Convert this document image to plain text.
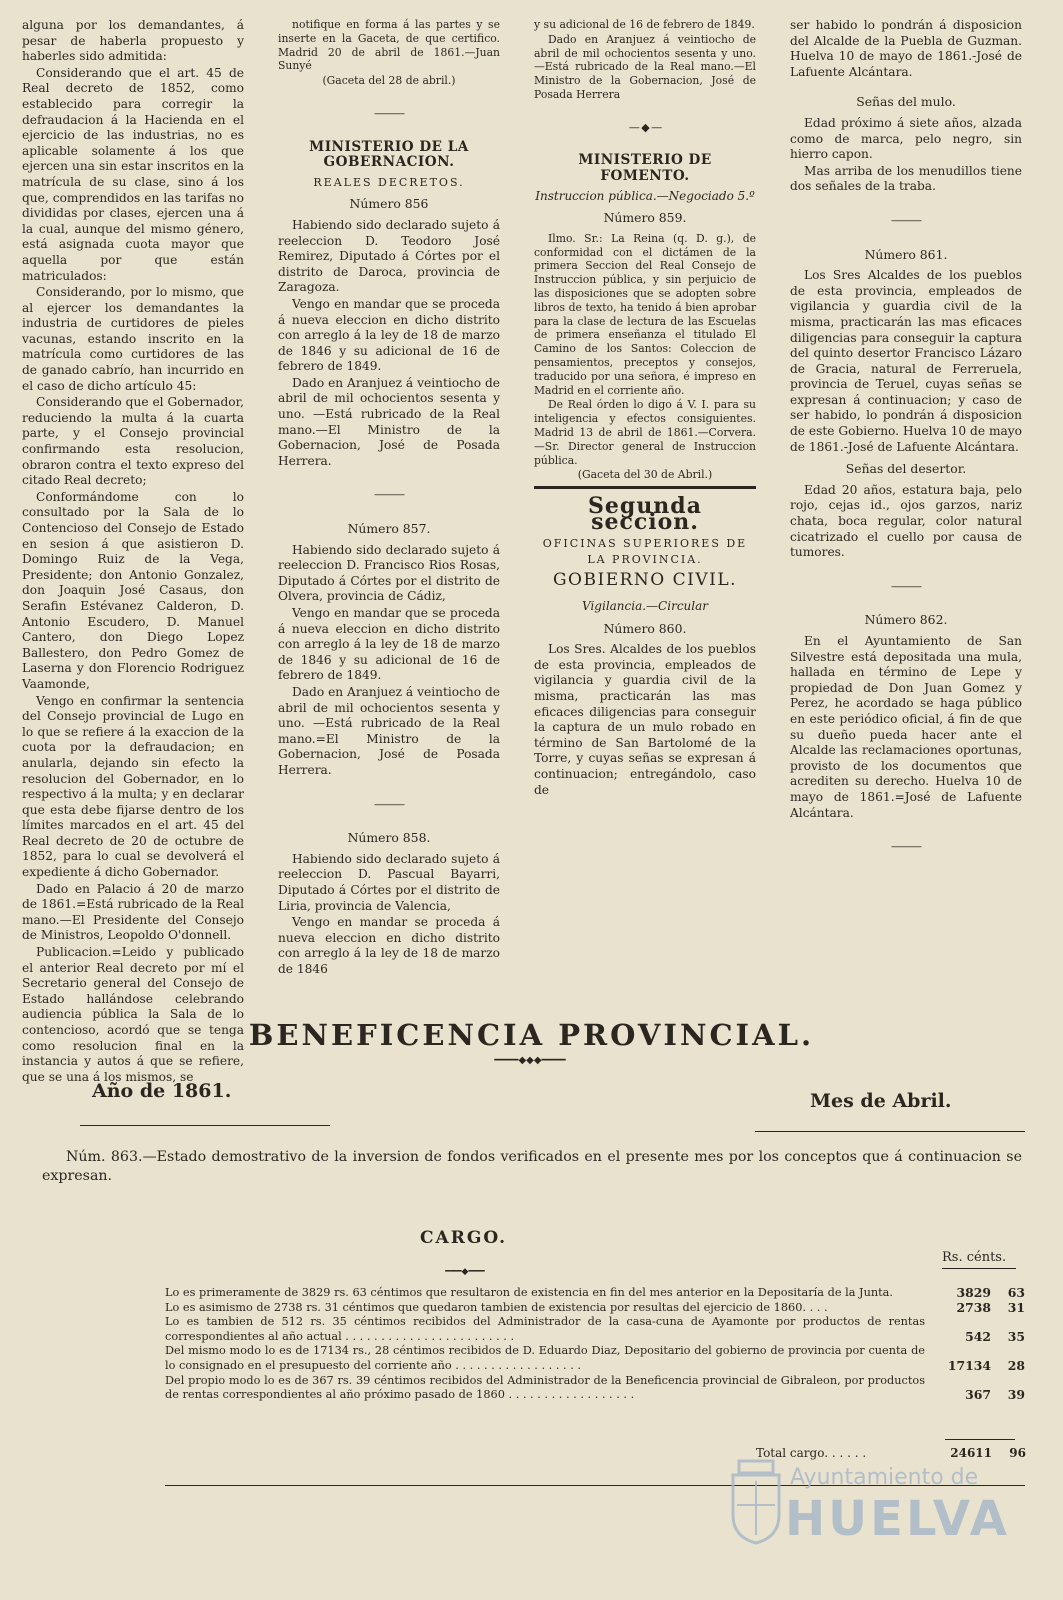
alguna por los demandantes, á pesar de haberla propuesto y haberles sido admitida:

Considerando que el art. 45 de Real decreto de 1852, como establecido para corregir la defraudacion á la Hacienda en el ejercicio de las industrias, no es aplicable solamente á los que ejercen una sin estar inscritos en la matrícula de su clase, sino á los que, comprendidos en las tarifas no divididas por clases, ejercen una á la cual, aunque del mismo género, está asignada cuota mayor que aquella por que están matriculados:

Considerando, por lo mismo, que al ejercer los demandantes la industria de curtidores de pieles vacunas, estando inscrito en la matrícula como curtidores de las de ganado cabrío, han incurrido en el caso de dicho artículo 45:

Considerando que el Gobernador, reduciendo la multa á la cuarta parte, y el Consejo provincial confirmando esta resolucion, obraron contra el texto expreso del citado Real decreto;

Conformándome con lo consultado por la Sala de lo Contencioso del Consejo de Estado en sesion á que asistieron D. Domingo Ruiz de la Vega, Presidente; don Antonio Gonzalez, don Joaquin José Casaus, don Serafin Estévanez Calderon, D. Antonio Escudero, D. Manuel Cantero, don Diego Lopez Ballestero, don Pedro Gomez de Laserna y don Florencio Rodriguez Vaamonde,

Vengo en confirmar la sentencia del Consejo provincial de Lugo en lo que se refiere á la exaccion de la cuota por la defraudacion; en anularla, dejando sin efecto la resolucion del Gobernador, en lo respectivo á la multa; y en declarar que esta debe fijarse dentro de los límites marcados en el art. 45 del Real decreto de 20 de octubre de 1852, para lo cual se devolverá el expediente á dicho Gobernador.

Dado en Palacio á 20 de marzo de 1861.=Está rubricado de la Real mano.—El Presidente del Consejo de Ministros, Leopoldo O'donnell.

Publicacion.=Leido y publicado el anterior Real decreto por mí el Secretario general del Consejo de Estado hallándose celebrando audiencia pública la Sala de lo contencioso, acordó que se tenga como resolucion final en la instancia y autos á que se refiere, que se una á los mismos, se

notifique en forma á las partes y se inserte en la Gaceta, de que certifico. Madrid 20 de abril de 1861.—Juan Sunyé

(Gaceta del 28 de abril.)

———
MINISTERIO DE LA GOBERNACION.
REALES DECRETOS.
Número 856

Habiendo sido declarado sujeto á reeleccion D. Teodoro José Remirez, Diputado á Córtes por el distrito de Daroca, provincia de Zaragoza.

Vengo en mandar que se proceda á nueva eleccion en dicho distrito con arreglo á la ley de 18 de marzo de 1846 y su adicional de 16 de febrero de 1849.

Dado en Aranjuez á veintiocho de abril de mil ochocientos sesenta y uno. —Está rubricado de la Real mano.—El Ministro de la Gobernacion, José de Posada Herrera.

———
Número 857.

Habiendo sido declarado sujeto á reeleccion D. Francisco Rios Rosas, Diputado á Córtes por el distrito de Olvera, provincia de Cádiz,

Vengo en mandar que se proceda á nueva eleccion en dicho distrito con arreglo á la ley de 18 de marzo de 1846 y su adicional de 16 de febrero de 1849.

Dado en Aranjuez á veintiocho de abril de mil ochocientos sesenta y uno. —Está rubricado de la Real mano.=El Ministro de la Gobernacion, José de Posada Herrera.

———
Número 858.

Habiendo sido declarado sujeto á reeleccion D. Pascual Bayarri, Diputado á Córtes por el distrito de Liria, provincia de Valencia,

Vengo en mandar se proceda á nueva eleccion en dicho distrito con arreglo á la ley de 18 de marzo de 1846

y su adicional de 16 de febrero de 1849.

Dado en Aranjuez á veintiocho de abril de mil ochocientos sesenta y uno. —Está rubricado de la Real mano.—El Ministro de la Gobernacion, José de Posada Herrera

— ◆ —
MINISTERIO DE FOMENTO.
Instruccion pública.—Negociado 5.º
Número 859.

Ilmo. Sr.: La Reina (q. D. g.), de conformidad con el dictámen de la primera Seccion del Real Consejo de Instruccion pública, y sin perjuicio de las disposiciones que se adopten sobre libros de texto, ha tenido á bien aprobar para la clase de lectura de las Escuelas de primera enseñanza el titulado El Camino de los Santos: Coleccion de pensamientos, preceptos y consejos, traducido por una señora, é impreso en Madrid en el corriente año.

De Real órden lo digo á V. I. para su inteligencia y efectos consiguientes. Madrid 13 de abril de 1861.—Corvera.—Sr. Director general de Instruccion pública.

(Gaceta del 30 de Abril.)

Segunda seccion.
OFICINAS SUPERIORES DE LA PROVINCIA.
GOBIERNO CIVIL.
Vigilancia.—Circular
Número 860.

Los Sres. Alcaldes de los pueblos de esta provincia, empleados de vigilancia y guardia civil de la misma, practicarán las mas eficaces diligencias para conseguir la captura de un mulo robado en término de San Bartolomé de la Torre, y cuyas señas se expresan á continuacion; entregándolo, caso de

ser habido lo pondrán á disposicion del Alcalde de la Puebla de Guzman. Huelva 10 de mayo de 1861.-José de Lafuente Alcántara.

Señas del mulo.

Edad próximo á siete años, alzada como de marca, pelo negro, sin hierro capon.

Mas arriba de los menudillos tiene dos señales de la traba.

———
Número 861.

Los Sres Alcaldes de los pueblos de esta provincia, empleados de vigilancia y guardia civil de la misma, practicarán las mas eficaces diligencias para conseguir la captura del quinto desertor Francisco Lázaro de Gracia, natural de Ferreruela, provincia de Teruel, cuyas señas se expresan á continuacion; y caso de ser habido, lo pondrán á disposicion de este Gobierno. Huelva 10 de mayo de 1861.-José de Lafuente Alcántara.

Señas del desertor.

Edad 20 años, estatura baja, pelo rojo, cejas id., ojos garzos, nariz chata, boca regular, color natural cicatrizado el cuello por causa de tumores.

———
Número 862.

En el Ayuntamiento de San Silvestre está depositada una mula, hallada en término de Lepe y propiedad de Don Juan Gomez y Perez, he acordado se haga público en este periódico oficial, á fin de que su dueño pueda hacer ante el Alcalde las reclamaciones oportunas, provisto de los documentos que acrediten su derecho. Huelva 10 de mayo de 1861.=José de Lafuente Alcántara.

———
BENEFICENCIA PROVINCIAL.
━━━━◆◆◆━━━━
Año de 1861.	Mes de Abril.
Núm. 863.—Estado demostrativo de la inversion de fondos verificados en el presente mes por los conceptos que á continuacion se expresan.
CARGO.
━━━◆━━━
Rs. cénts.
Lo es primeramente de 3829 rs. 63 céntimos que resultaron de existencia en fin del mes anterior en la Depositaría de la Junta.	3829	63
Lo es asimismo de 2738 rs. 31 céntimos que quedaron tambien de existencia por resultas del ejercicio de 1860. . . .	2738	31
Lo es tambien de 512 rs. 35 céntimos recibidos del Administrador de la casa-cuna de Ayamonte por productos de rentas correspondientes al año actual . . . . . . . . . . . . . . . . . . . . . . . .	542	35
Del mismo modo lo es de 17134 rs., 28 céntimos recibidos de D. Eduardo Diaz, Depositario del gobierno de provincia por cuenta de lo consignado en el presupuesto del corriente año . . . . . . . . . . . . . . . . . .	17134	28
Del propio modo lo es de 367 rs. 39 céntimos recibidos del Administrador de la Beneficencia provincial de Gibraleon, por productos de rentas correspondientes al año próximo pasado de 1860 . . . . . . . . . . . . . . . . . .	367	39
Total cargo. . . . . .	24611	96
Ayuntamiento de
HUELVA
